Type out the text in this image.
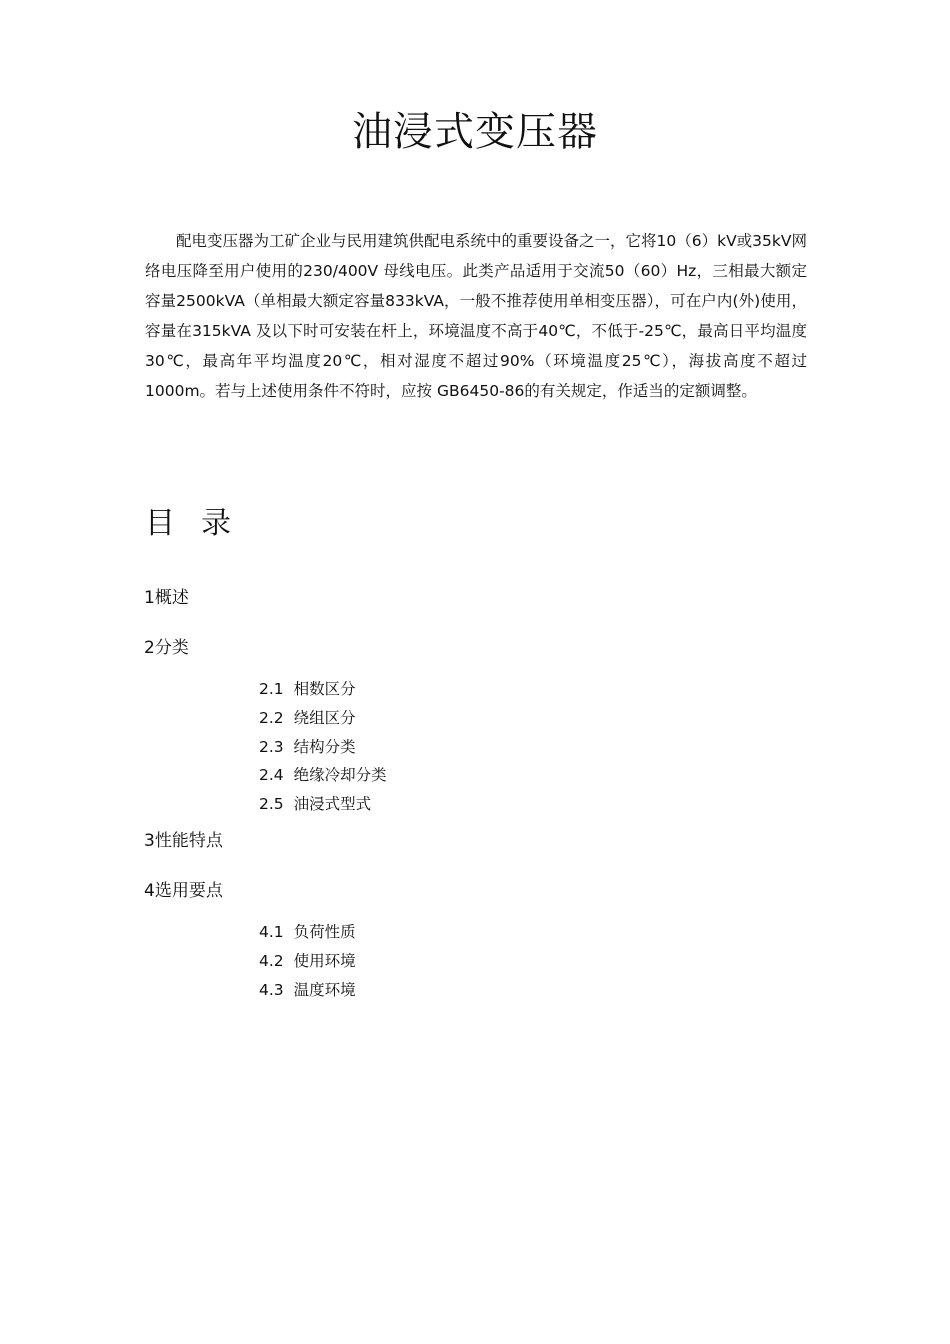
油浸式变压器
配电变压器为工矿企业与民用建筑供配电系统中的重要设备之一，它将10（6）kV或35kV网络电压降至用户使用的230/400V 母线电压。此类产品适用于交流50（60）Hz，三相最大额定容量2500kVA（单相最大额定容量833kVA，一般不推荐使用单相变压器），可在户内(外)使用，容量在315kVA 及以下时可安装在杆上，环境温度不高于40℃，不低于-25℃，最高日平均温度30℃，最高年平均温度20℃，相对湿度不超过90%（环境温度25℃），海拔高度不超过1000m。若与上述使用条件不符时，应按 GB6450-86的有关规定，作适当的定额调整。
目录
1概述
2分类
2.1 相数区分
2.2 绕组区分
2.3 结构分类
2.4 绝缘冷却分类
2.5 油浸式型式
3性能特点
4选用要点
4.1 负荷性质
4.2 使用环境
4.3 温度环境
